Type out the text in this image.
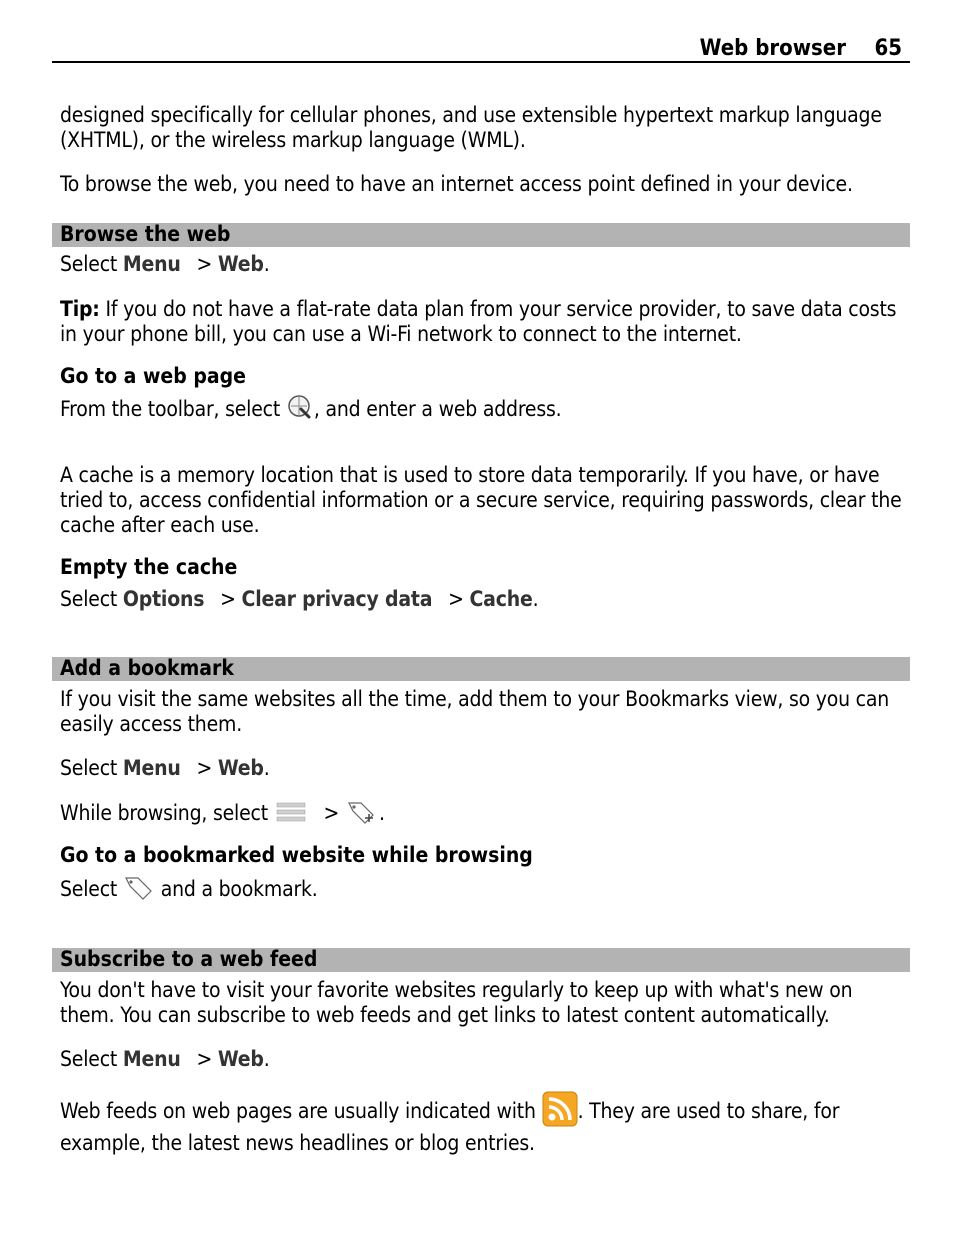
Web browser 65
designed specifically for cellular phones, and use extensible hypertext markup language (XHTML), or the wireless markup language (WML).
To browse the web, you need to have an internet access point defined in your device.
Browse the web
Select Menu > Web.
Tip: If you do not have a flat-rate data plan from your service provider, to save data costs in your phone bill, you can use a Wi-Fi network to connect to the internet.
Go to a web page
From the toolbar, select , and enter a web address.
A cache is a memory location that is used to store data temporarily. If you have, or have tried to, access confidential information or a secure service, requiring passwords, clear the cache after each use.
Empty the cache
Select Options > Clear privacy data > Cache.
Add a bookmark
If you visit the same websites all the time, add them to your Bookmarks view, so you can easily access them.
Select Menu > Web.
While browsing, select  > .
Go to a bookmarked website while browsing
Select  and a bookmark.
Subscribe to a web feed
You don't have to visit your favorite websites regularly to keep up with what's new on them. You can subscribe to web feeds and get links to latest content automatically.
Select Menu > Web.
Web feeds on web pages are usually indicated with . They are used to share, for example, the latest news headlines or blog entries.
